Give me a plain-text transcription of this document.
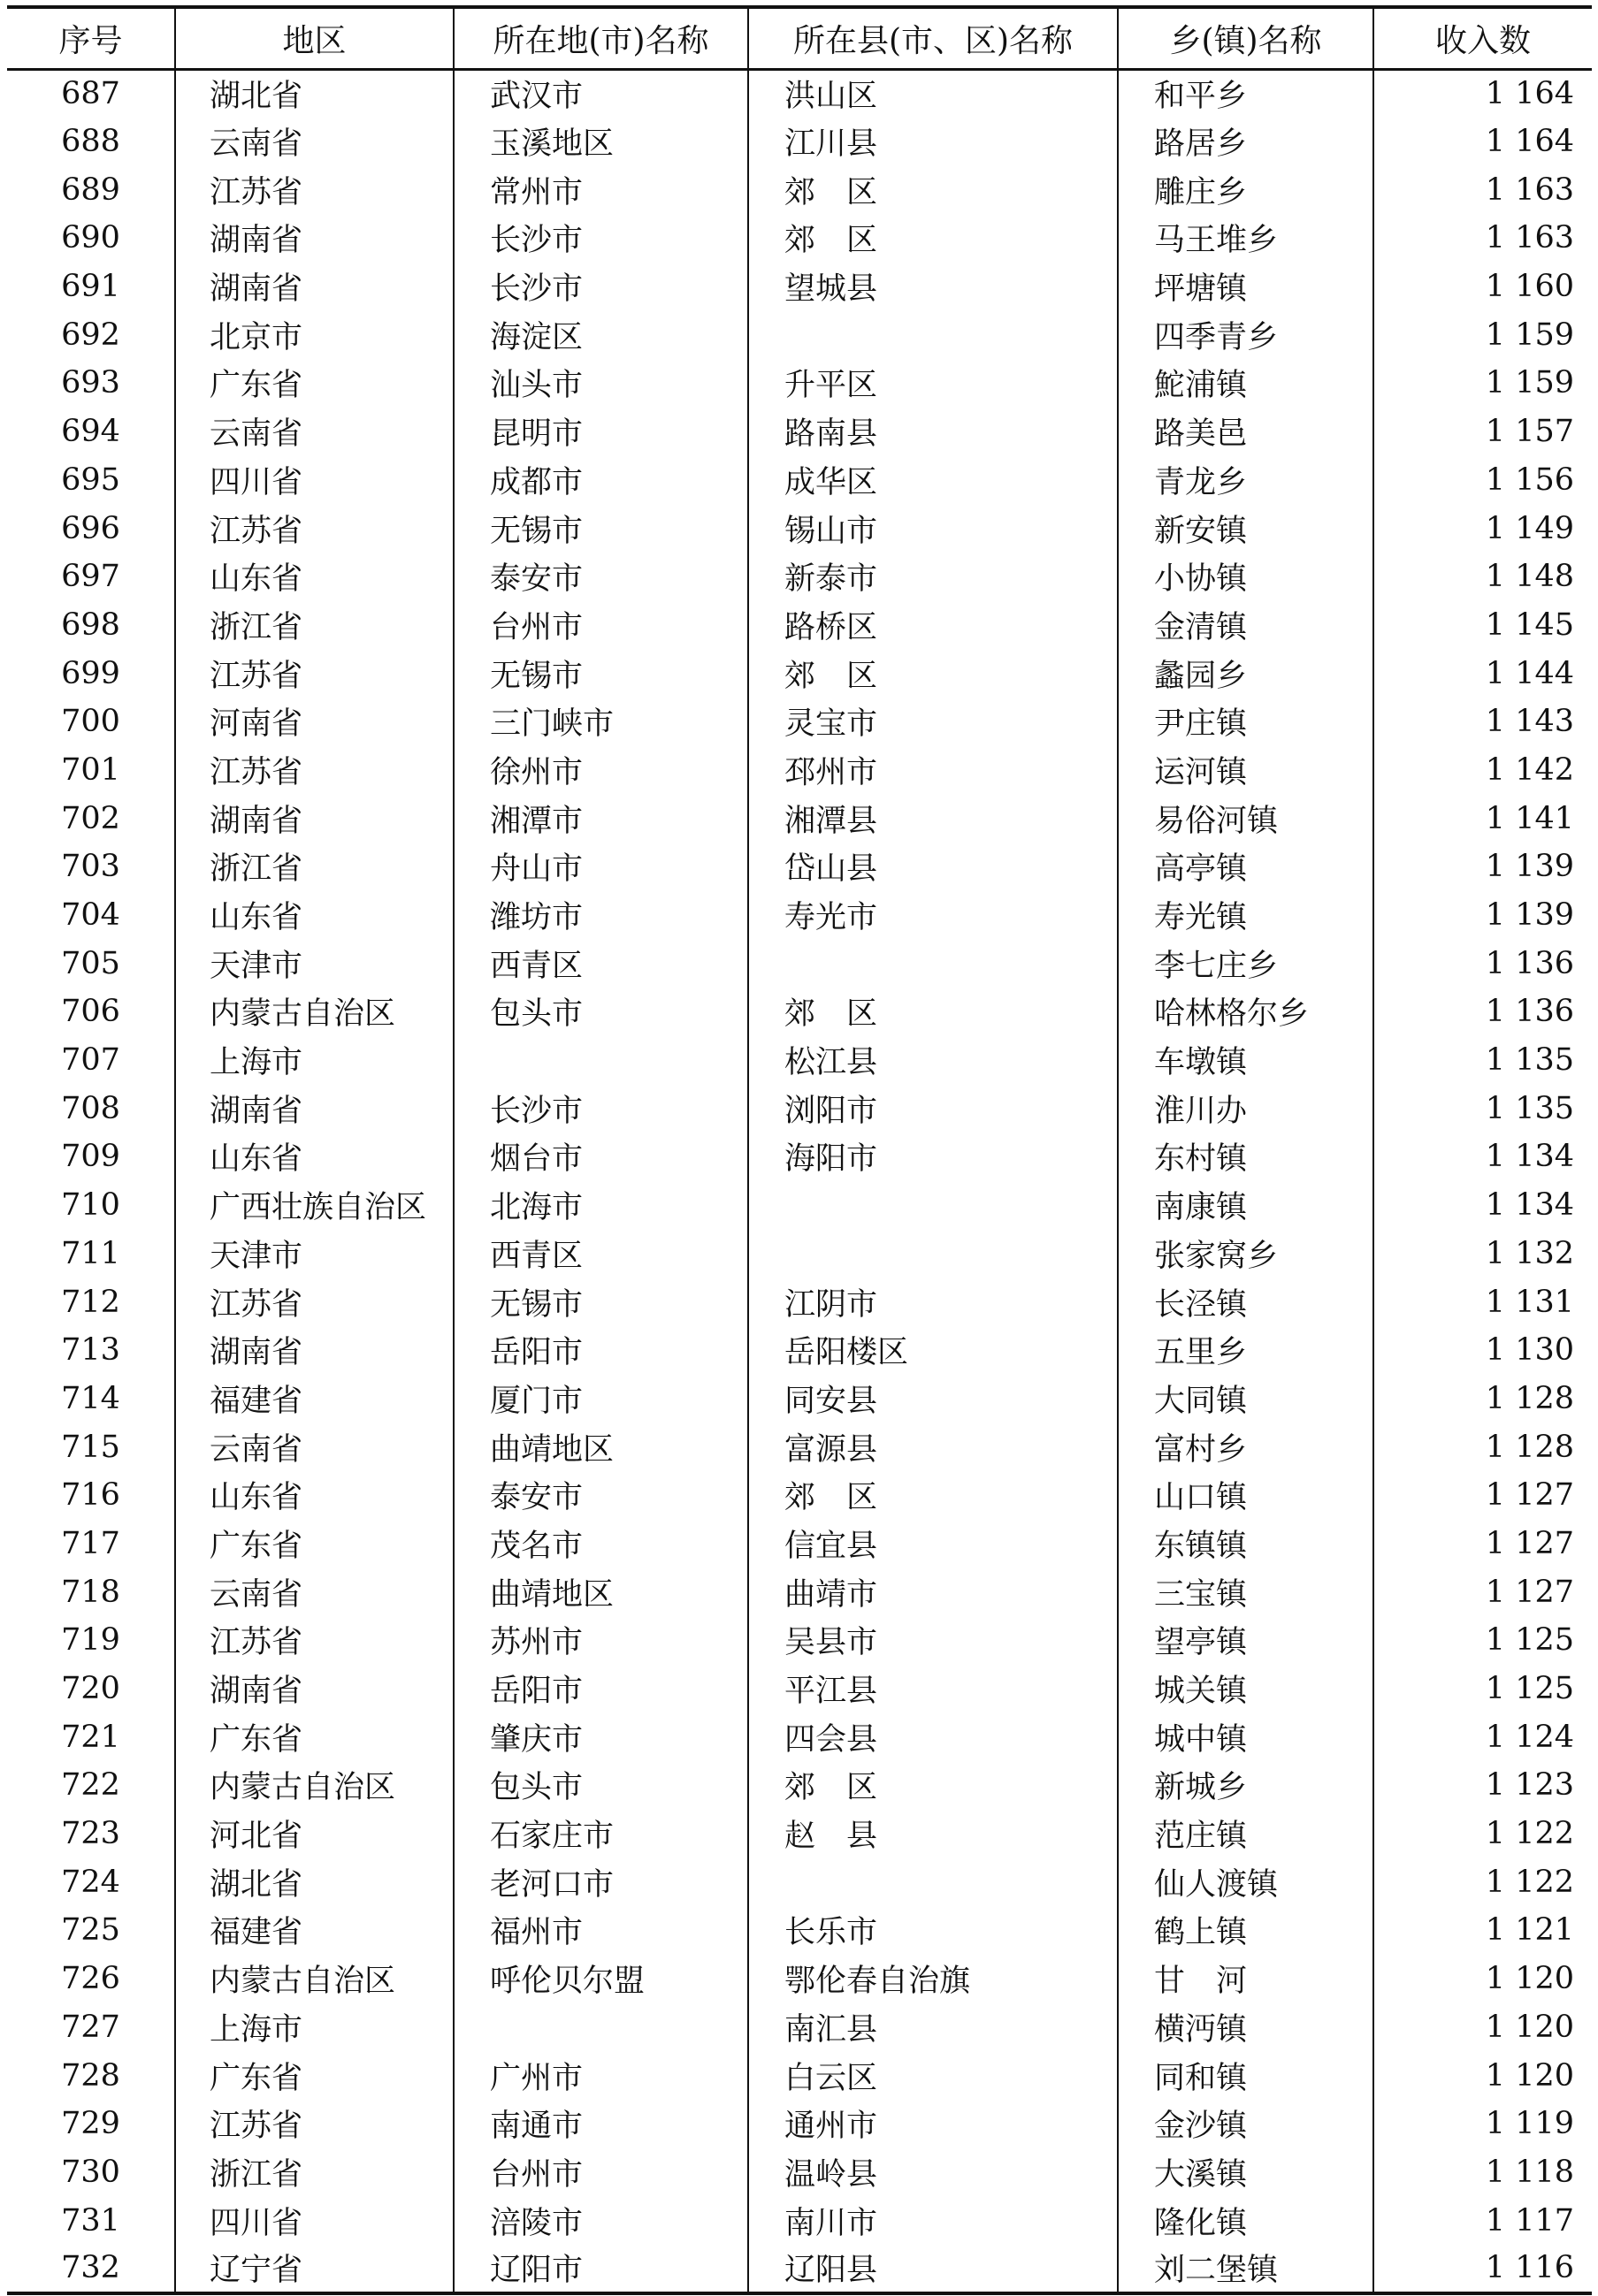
序号	地区	所在地(市)名称	所在县(市、区)名称	乡(镇)名称	收入数
687	湖北省	武汉市	洪山区	和平乡	1 164
688	云南省	玉溪地区	江川县	路居乡	1 164
689	江苏省	常州市	郊　区	雕庄乡	1 163
690	湖南省	长沙市	郊　区	马王堆乡	1 163
691	湖南省	长沙市	望城县	坪塘镇	1 160
692	北京市	海淀区		四季青乡	1 159
693	广东省	汕头市	升平区	鮀浦镇	1 159
694	云南省	昆明市	路南县	路美邑	1 157
695	四川省	成都市	成华区	青龙乡	1 156
696	江苏省	无锡市	锡山市	新安镇	1 149
697	山东省	泰安市	新泰市	小协镇	1 148
698	浙江省	台州市	路桥区	金清镇	1 145
699	江苏省	无锡市	郊　区	蠡园乡	1 144
700	河南省	三门峡市	灵宝市	尹庄镇	1 143
701	江苏省	徐州市	邳州市	运河镇	1 142
702	湖南省	湘潭市	湘潭县	易俗河镇	1 141
703	浙江省	舟山市	岱山县	高亭镇	1 139
704	山东省	潍坊市	寿光市	寿光镇	1 139
705	天津市	西青区		李七庄乡	1 136
706	内蒙古自治区	包头市	郊　区	哈林格尔乡	1 136
707	上海市		松江县	车墩镇	1 135
708	湖南省	长沙市	浏阳市	淮川办	1 135
709	山东省	烟台市	海阳市	东村镇	1 134
710	广西壮族自治区	北海市		南康镇	1 134
711	天津市	西青区		张家窝乡	1 132
712	江苏省	无锡市	江阴市	长泾镇	1 131
713	湖南省	岳阳市	岳阳楼区	五里乡	1 130
714	福建省	厦门市	同安县	大同镇	1 128
715	云南省	曲靖地区	富源县	富村乡	1 128
716	山东省	泰安市	郊　区	山口镇	1 127
717	广东省	茂名市	信宜县	东镇镇	1 127
718	云南省	曲靖地区	曲靖市	三宝镇	1 127
719	江苏省	苏州市	吴县市	望亭镇	1 125
720	湖南省	岳阳市	平江县	城关镇	1 125
721	广东省	肇庆市	四会县	城中镇	1 124
722	内蒙古自治区	包头市	郊　区	新城乡	1 123
723	河北省	石家庄市	赵　县	范庄镇	1 122
724	湖北省	老河口市		仙人渡镇	1 122
725	福建省	福州市	长乐市	鹤上镇	1 121
726	内蒙古自治区	呼伦贝尔盟	鄂伦春自治旗	甘　河	1 120
727	上海市		南汇县	横沔镇	1 120
728	广东省	广州市	白云区	同和镇	1 120
729	江苏省	南通市	通州市	金沙镇	1 119
730	浙江省	台州市	温岭县	大溪镇	1 118
731	四川省	涪陵市	南川市	隆化镇	1 117
732	辽宁省	辽阳市	辽阳县	刘二堡镇	1 116
